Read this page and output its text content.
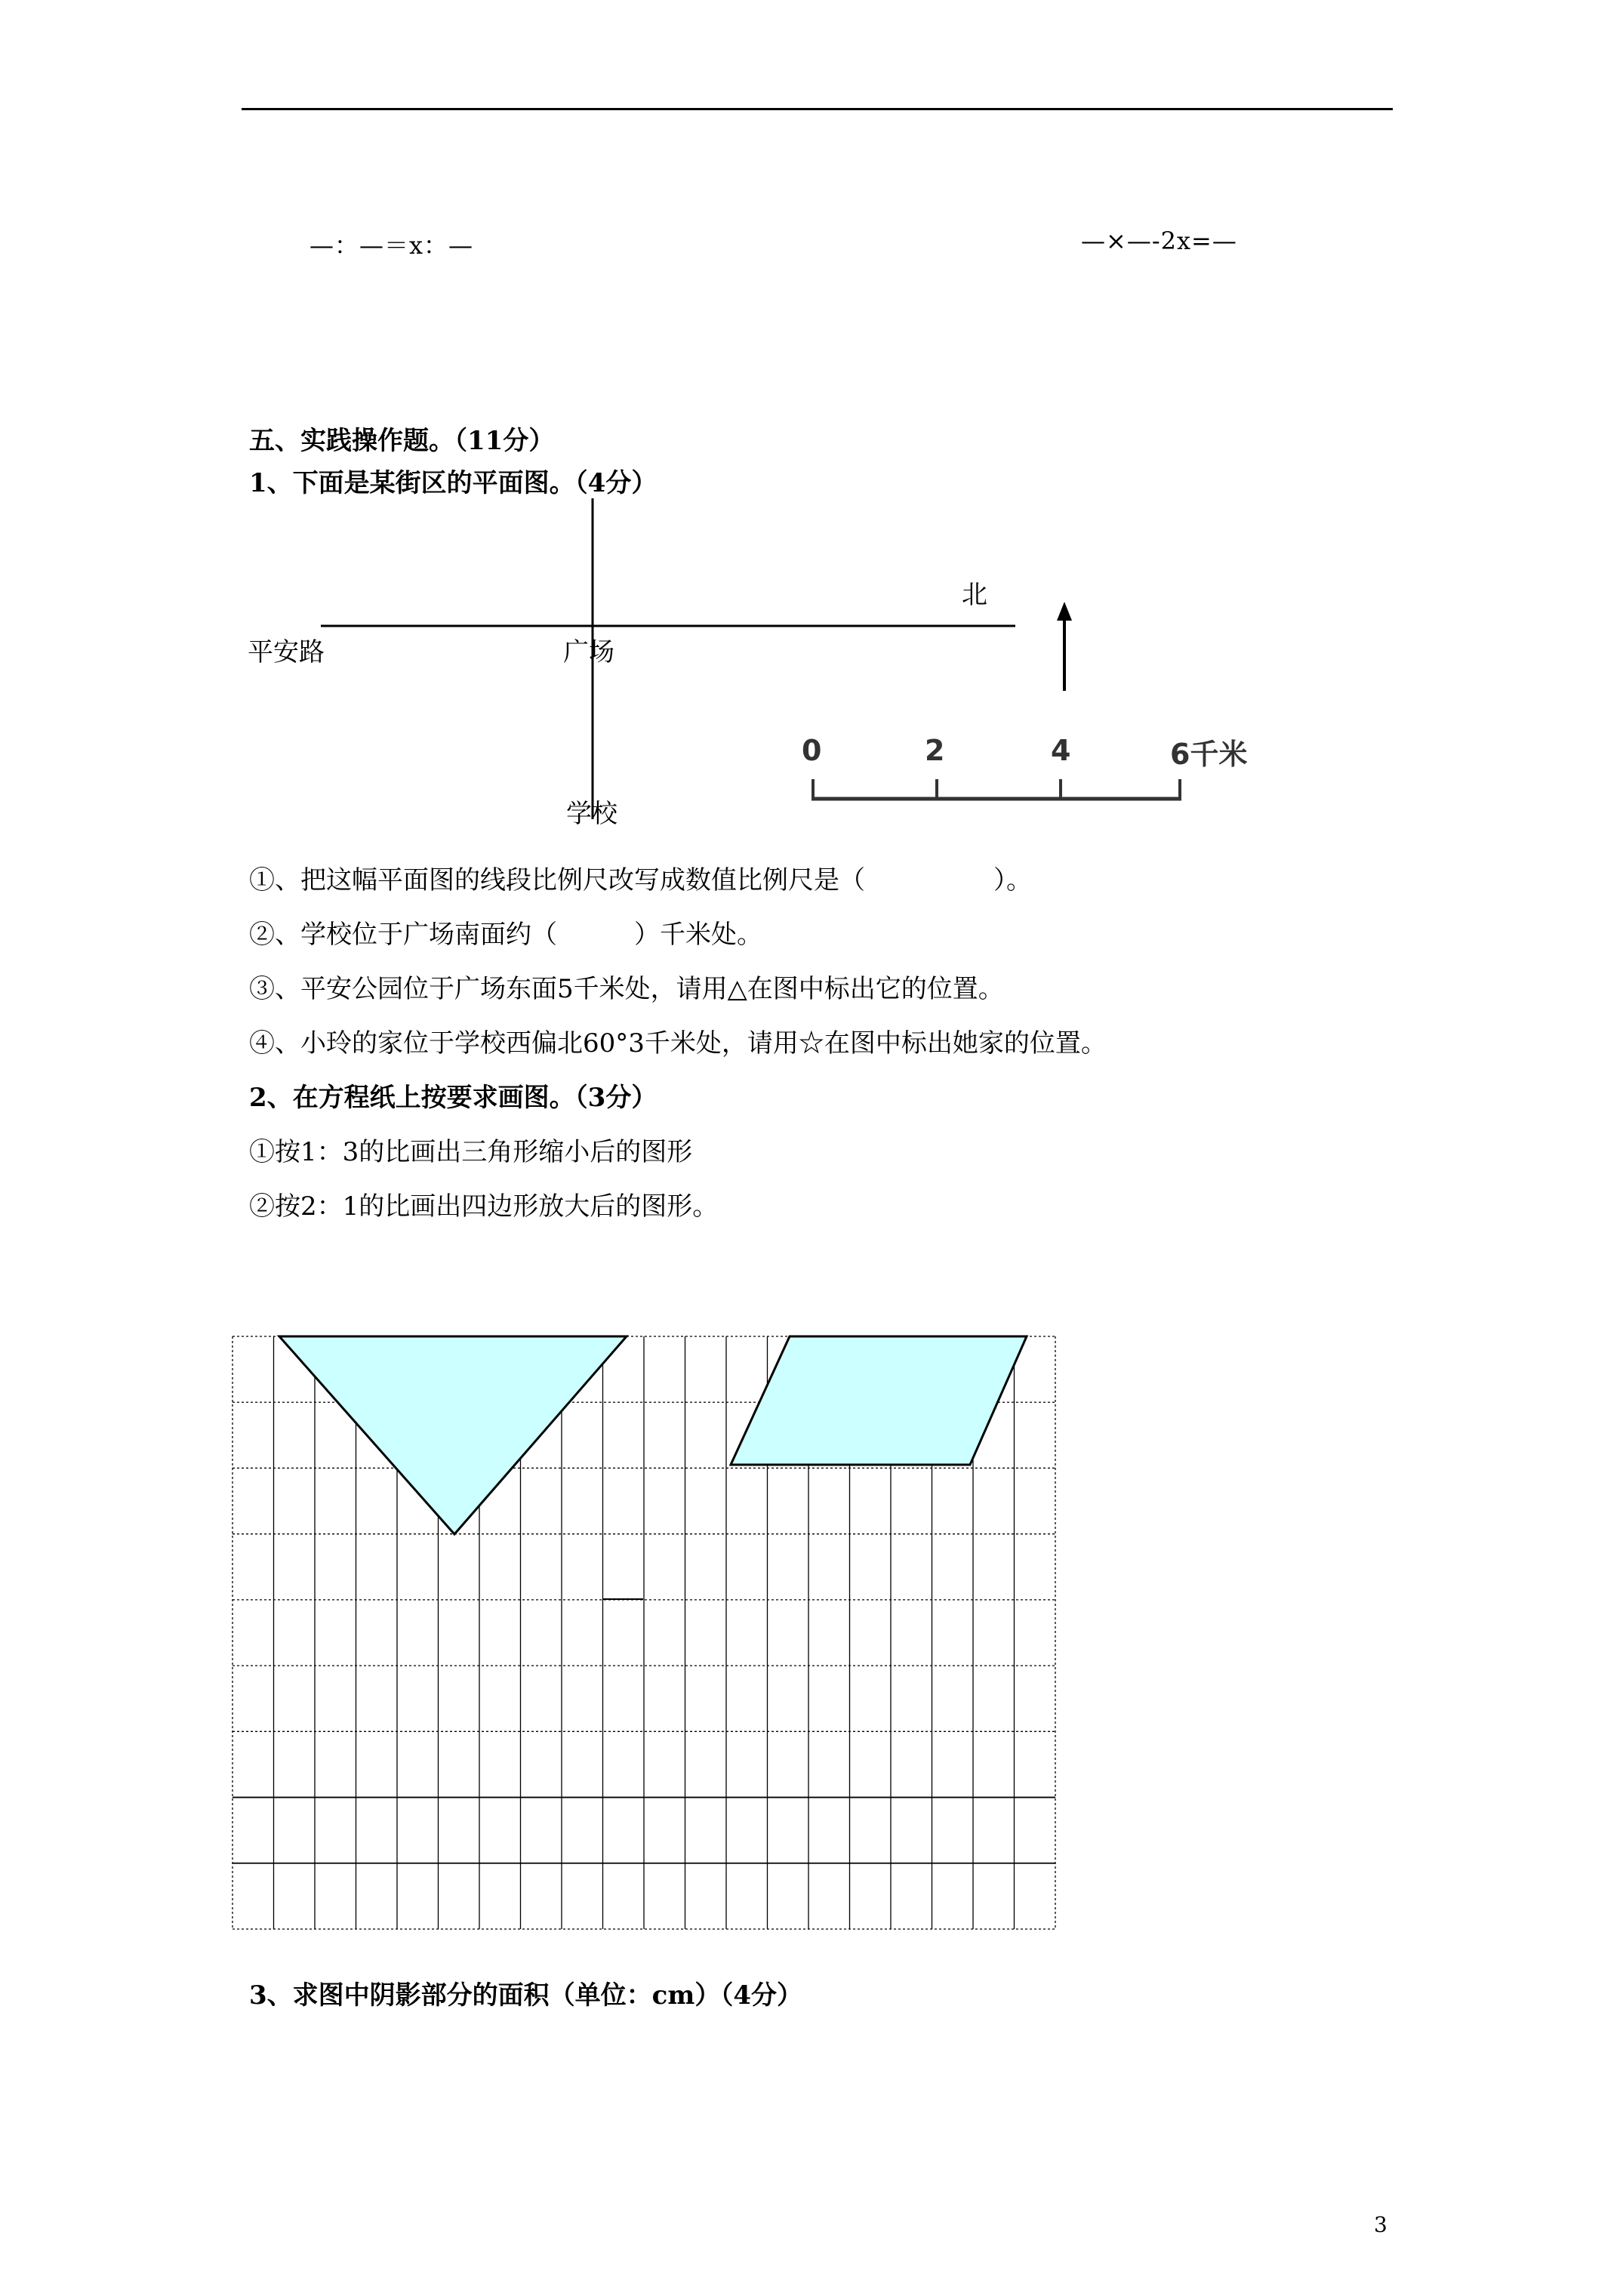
—：—＝x：—	—×—-2x=—
五、实践操作题。（11分）
1、下面是某街区的平面图。（4分）
北
平安路	广场
学校
0	2	4	6千米
①、把这幅平面图的线段比例尺改写成数值比例尺是（　　　　　）。
②、学校位于广场南面约（　　　）千米处。
③、平安公园位于广场东面5千米处，请用△在图中标出它的位置。
④、小玲的家位于学校西偏北60°3千米处，请用☆在图中标出她家的位置。
2、在方程纸上按要求画图。（3分）
①按1：3的比画出三角形缩小后的图形
②按2：1的比画出四边形放大后的图形。
3、求图中阴影部分的面积（单位：cm）（4分）
3
